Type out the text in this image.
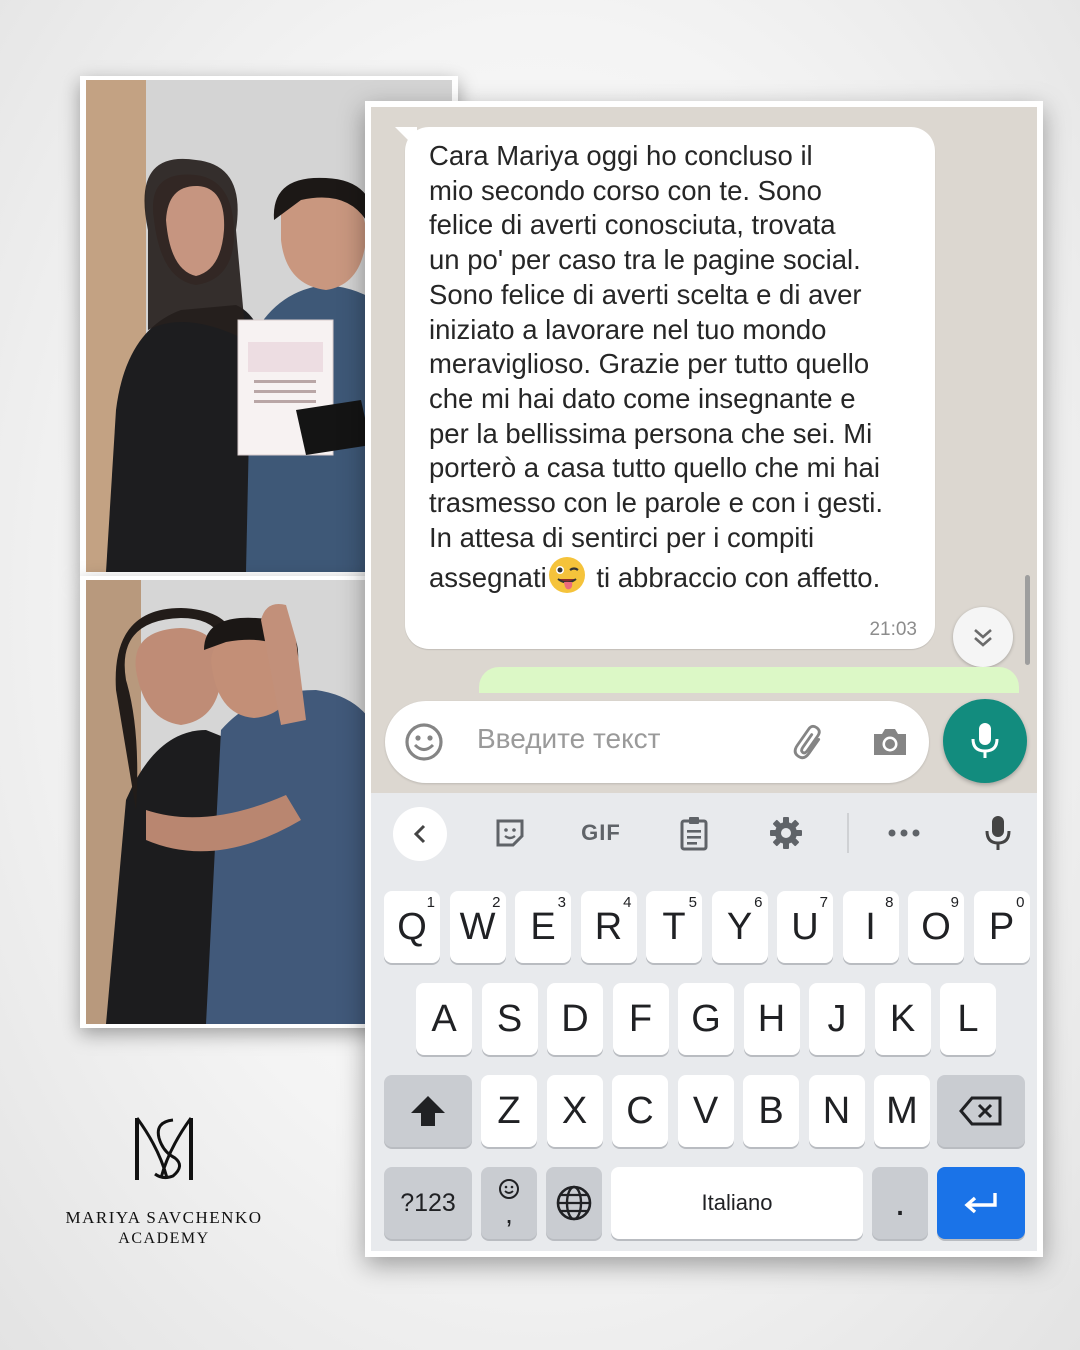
MARIYA SAVCHENKO
ACADEMY
Cara Mariya oggi ho concluso il
mio secondo corso con te. Sono
felice di averti conosciuta, trovata
un po' per caso tra le pagine social.
Sono felice di averti scelta e di aver
iniziato a lavorare nel tuo mondo
meraviglioso. Grazie per tutto quello
che mi hai dato come insegnante e
per la bellissima persona che sei. Mi
porterò a casa tutto quello che mi hai
trasmesso con le parole e con i gesti.
In attesa di sentirci per i compiti
assegnati ti abbraccio con affetto.
21:03
Введите текст
GIF
Q
1
W
2
E
3
R
4
T
5
Y
6
U
7
I
8
O
9
P
0
A S D F G H J K L
Z X C V B N M
?123 ,	Italiano	.
